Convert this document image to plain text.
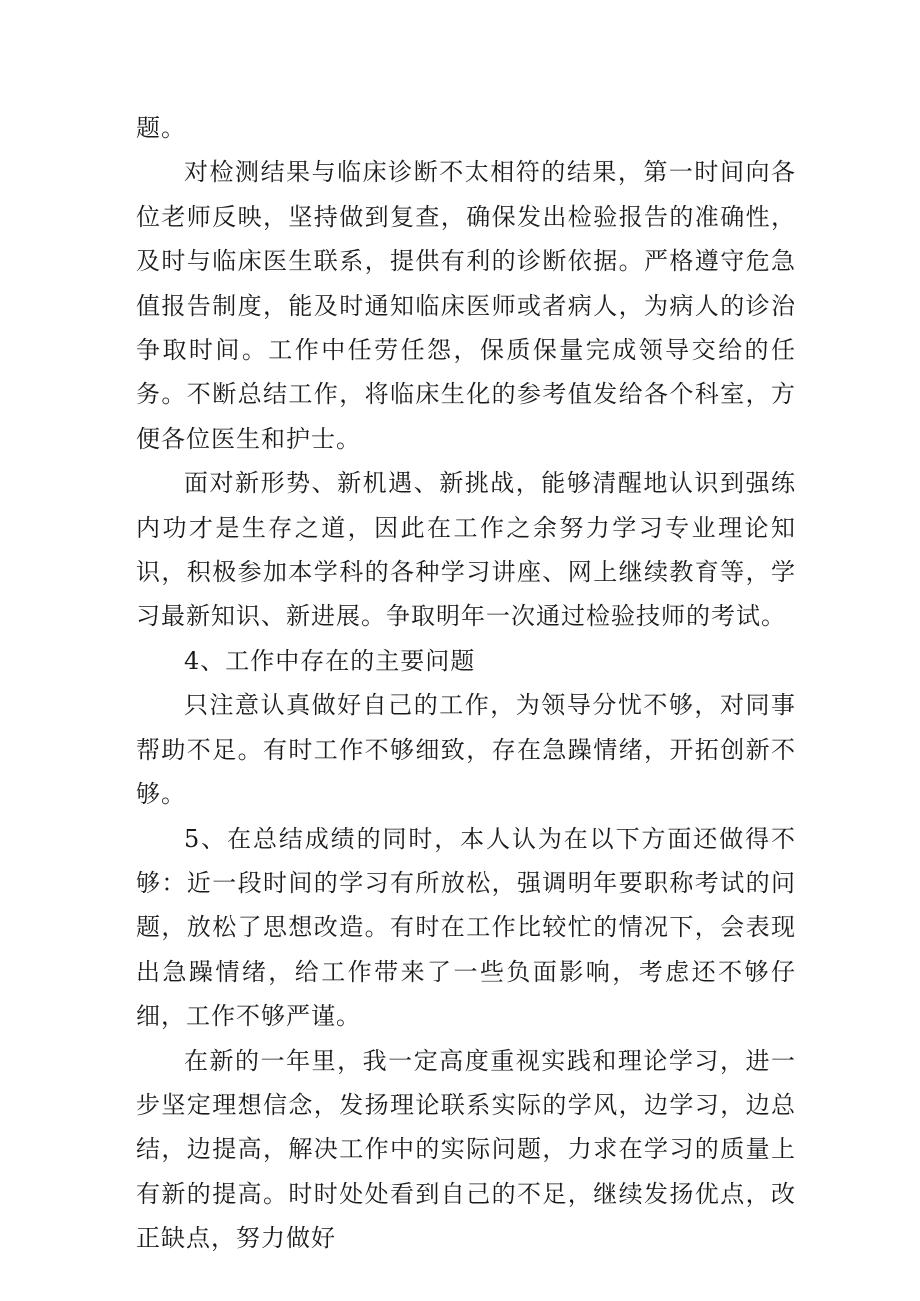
题。

对检测结果与临床诊断不太相符的结果，第一时间向各位老师反映，坚持做到复查，确保发出检验报告的准确性，及时与临床医生联系，提供有利的诊断依据。严格遵守危急值报告制度，能及时通知临床医师或者病人，为病人的诊治争取时间。工作中任劳任怨，保质保量完成领导交给的任务。不断总结工作，将临床生化的参考值发给各个科室，方便各位医生和护士。

面对新形势、新机遇、新挑战，能够清醒地认识到强练内功才是生存之道，因此在工作之余努力学习专业理论知识，积极参加本学科的各种学习讲座、网上继续教育等，学习最新知识、新进展。争取明年一次通过检验技师的考试。

4、工作中存在的主要问题

只注意认真做好自己的工作，为领导分忧不够，对同事帮助不足。有时工作不够细致，存在急躁情绪，开拓创新不够。

5、在总结成绩的同时，本人认为在以下方面还做得不够：近一段时间的学习有所放松，强调明年要职称考试的问题，放松了思想改造。有时在工作比较忙的情况下，会表现出急躁情绪，给工作带来了一些负面影响，考虑还不够仔细，工作不够严谨。

在新的一年里，我一定高度重视实践和理论学习，进一步坚定理想信念，发扬理论联系实际的学风，边学习，边总结，边提高，解决工作中的实际问题，力求在学习的质量上有新的提高。时时处处看到自己的不足，继续发扬优点，改正缺点，努力做好
